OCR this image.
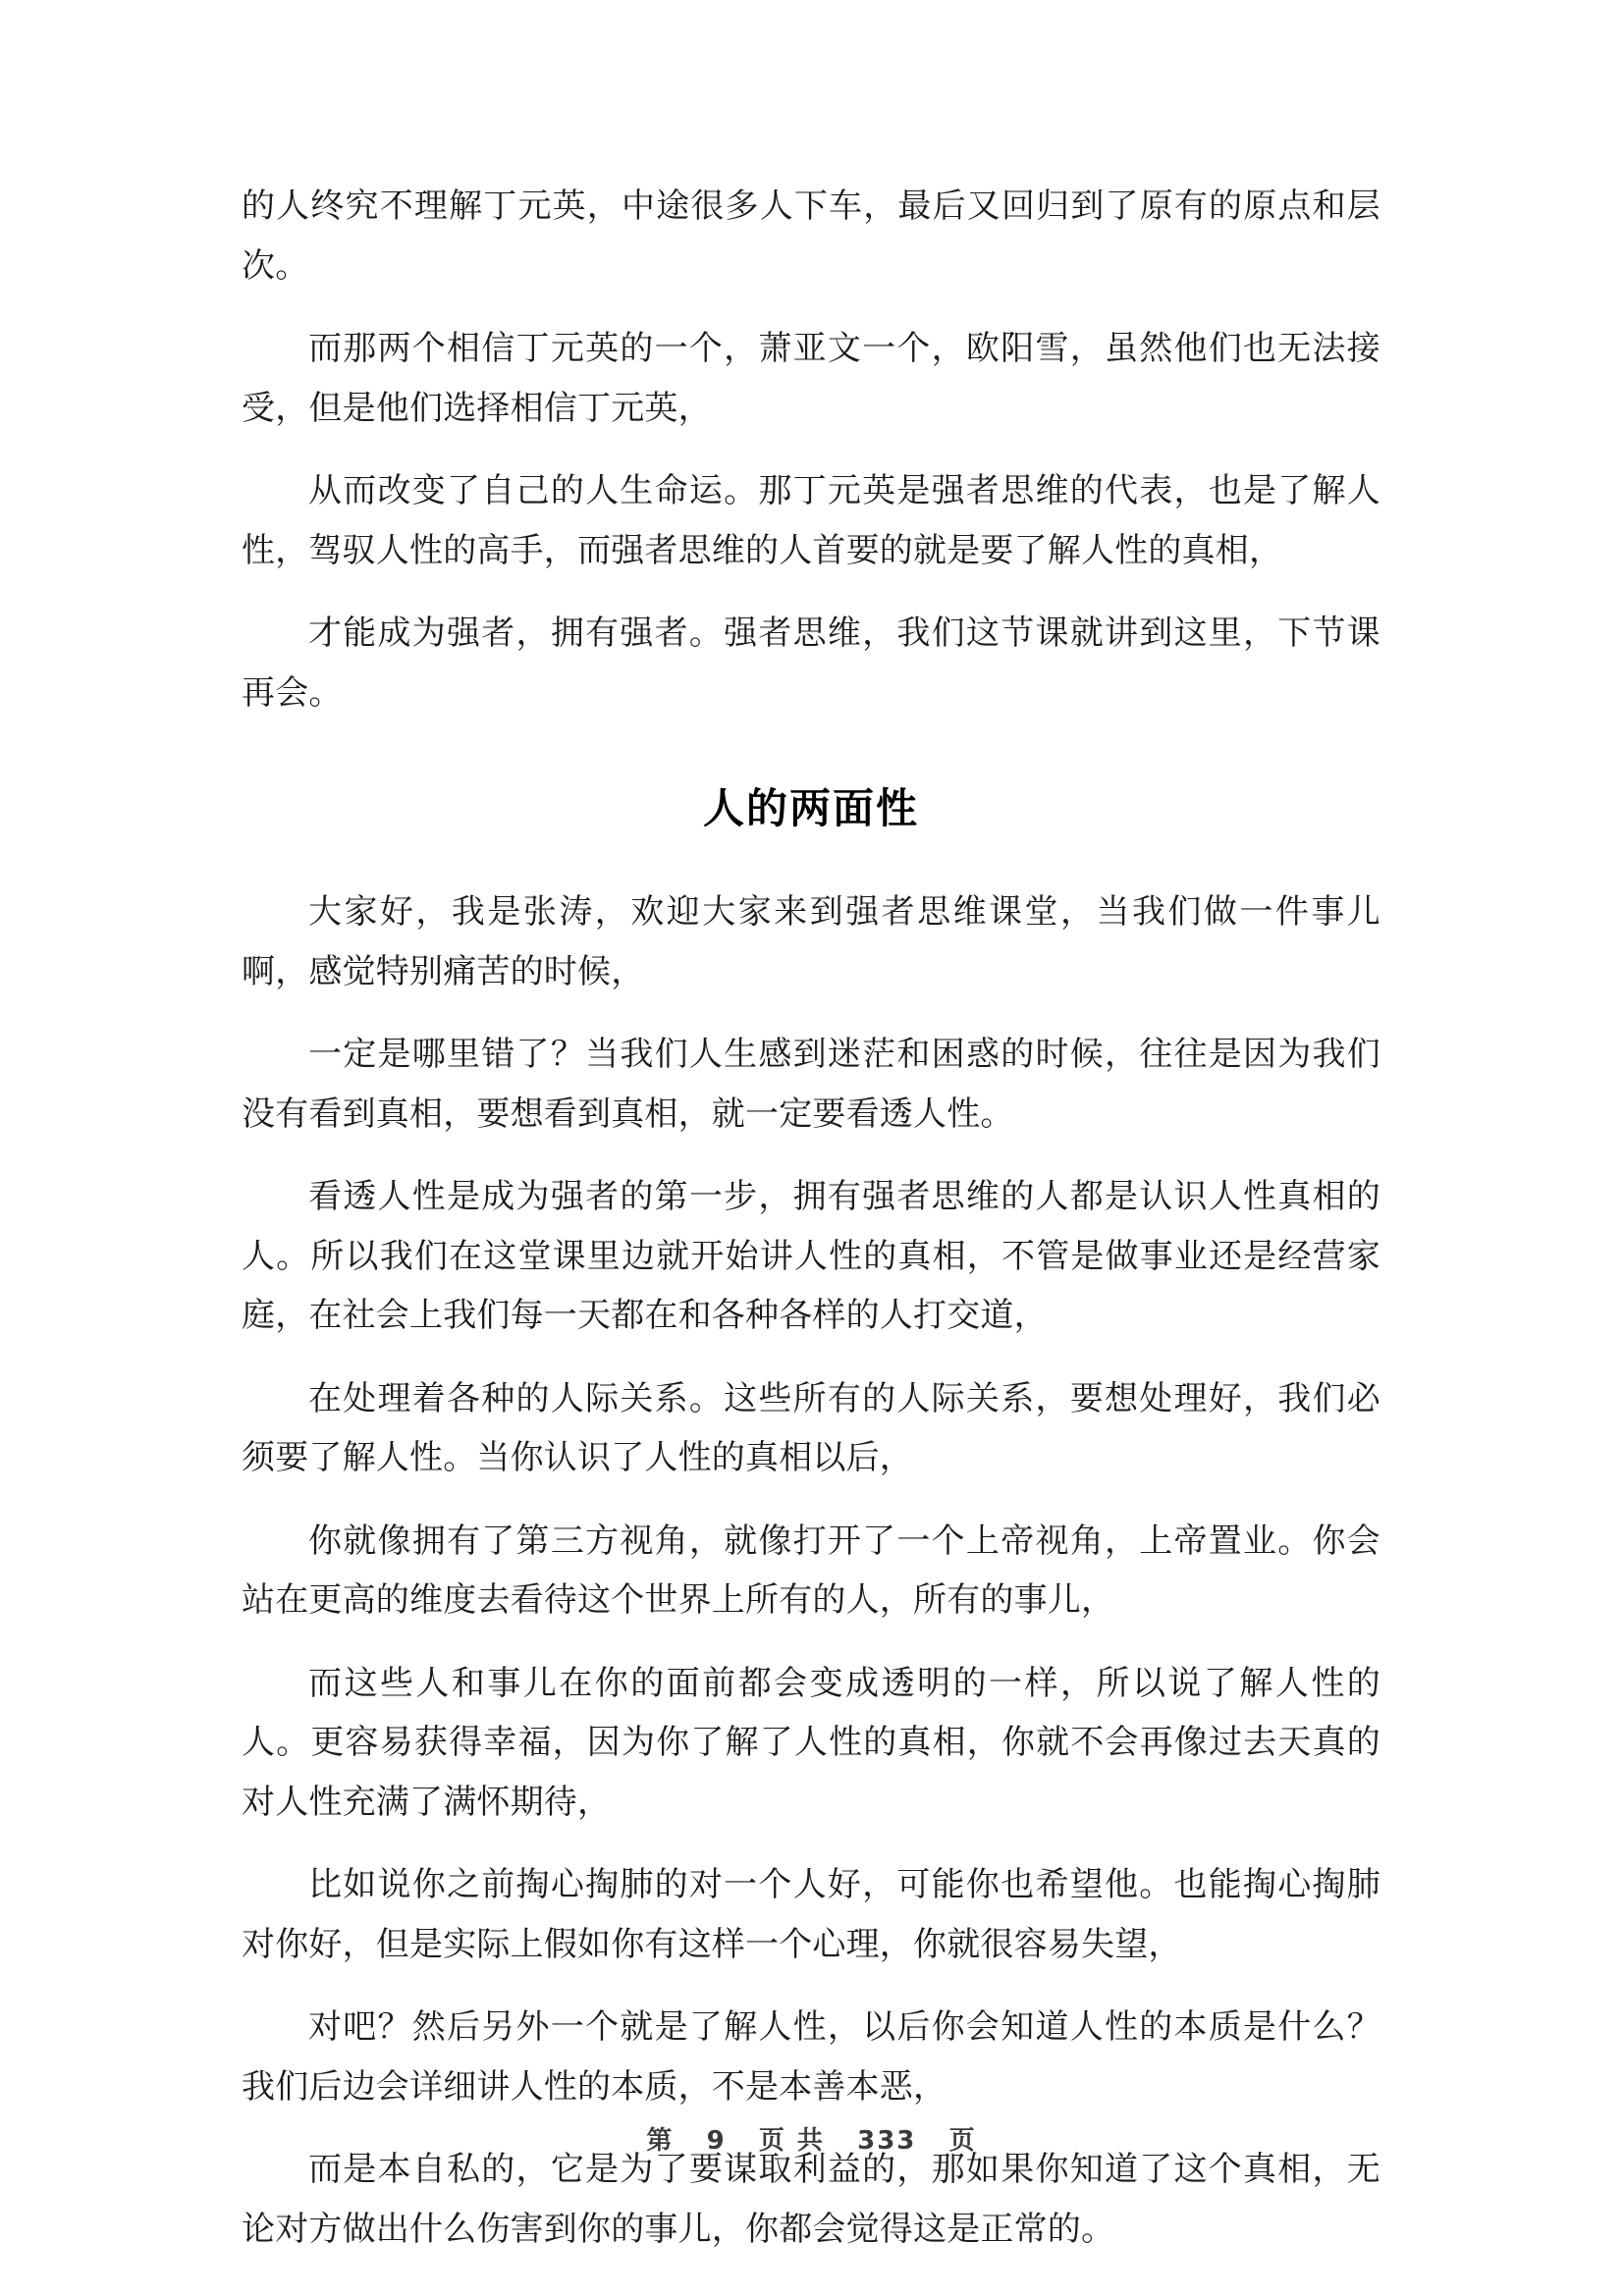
的人终究不理解丁元英，中途很多人下车，最后又回归到了原有的原点和层次。

而那两个相信丁元英的一个，萧亚文一个，欧阳雪，虽然他们也无法接受，但是他们选择相信丁元英，

从而改变了自己的人生命运。那丁元英是强者思维的代表，也是了解人性，驾驭人性的高手，而强者思维的人首要的就是要了解人性的真相，

才能成为强者，拥有强者。强者思维，我们这节课就讲到这里，下节课再会。

人的两面性

大家好，我是张涛，欢迎大家来到强者思维课堂，当我们做一件事儿啊，感觉特别痛苦的时候，

一定是哪里错了？当我们人生感到迷茫和困惑的时候，往往是因为我们没有看到真相，要想看到真相，就一定要看透人性。

看透人性是成为强者的第一步，拥有强者思维的人都是认识人性真相的人。所以我们在这堂课里边就开始讲人性的真相，不管是做事业还是经营家庭，在社会上我们每一天都在和各种各样的人打交道，

在处理着各种的人际关系。这些所有的人际关系，要想处理好，我们必须要了解人性。当你认识了人性的真相以后，

你就像拥有了第三方视角，就像打开了一个上帝视角，上帝置业。你会站在更高的维度去看待这个世界上所有的人，所有的事儿，

而这些人和事儿在你的面前都会变成透明的一样，所以说了解人性的人。更容易获得幸福，因为你了解了人性的真相，你就不会再像过去天真的对人性充满了满怀期待，

比如说你之前掏心掏肺的对一个人好，可能你也希望他。也能掏心掏肺对你好，但是实际上假如你有这样一个心理，你就很容易失望，

对吧？然后另外一个就是了解人性，以后你会知道人性的本质是什么？我们后边会详细讲人性的本质，不是本善本恶，

而是本自私的，它是为了要谋取利益的，那如果你知道了这个真相，无论对方做出什么伤害到你的事儿，你都会觉得这是正常的。

第 9 页 共 333 页
